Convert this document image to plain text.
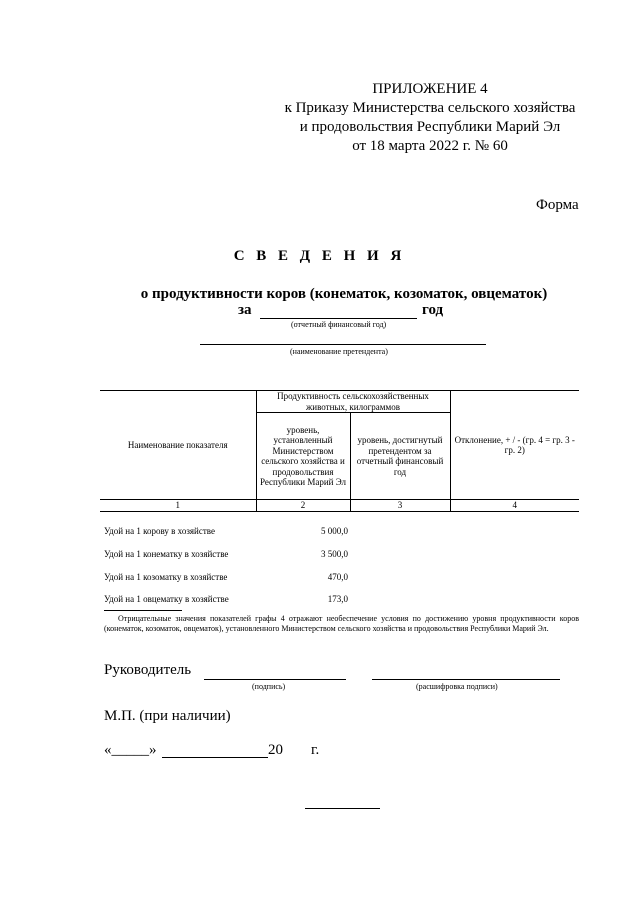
ПРИЛОЖЕНИЕ 4
к Приказу Министерства сельского хозяйства
и продовольствия Республики Марий Эл
от 18 марта 2022 г. № 60
Форма
С В Е Д Е Н И Я
о продуктивности коров (конематок, козоматок, овцематок)
за	год
(отчетный финансовый год)
(наименование претендента)
Наименование показателя	Продуктивность сельскохозяйственных животных, килограммов		Отклонение, + / - (гр. 4 = гр. 3 - гр. 2)
	уровень, установленный Министерством сельского хозяйства и продовольствия Республики Марий Эл	уровень, достигнутый претендентом за отчетный финансовый год	
1	2	3	4
Удой на 1 корову в хозяйстве	5 000,0
Удой на 1 конематку в хозяйстве	3 500,0
Удой на 1 козоматку в хозяйстве	470,0
Удой на 1 овцематку в хозяйстве	173,0
Отрицательные значения показателей графы 4 отражают необеспечение условия по достижению уровня продуктивности коров (конематок, козоматок, овцематок), установленного Министерством сельского хозяйства и продовольствия Республики Марий Эл.
Руководитель
(подпись)	(расшифровка подписи)
М.П. (при наличии)
«_____»	20 г.
